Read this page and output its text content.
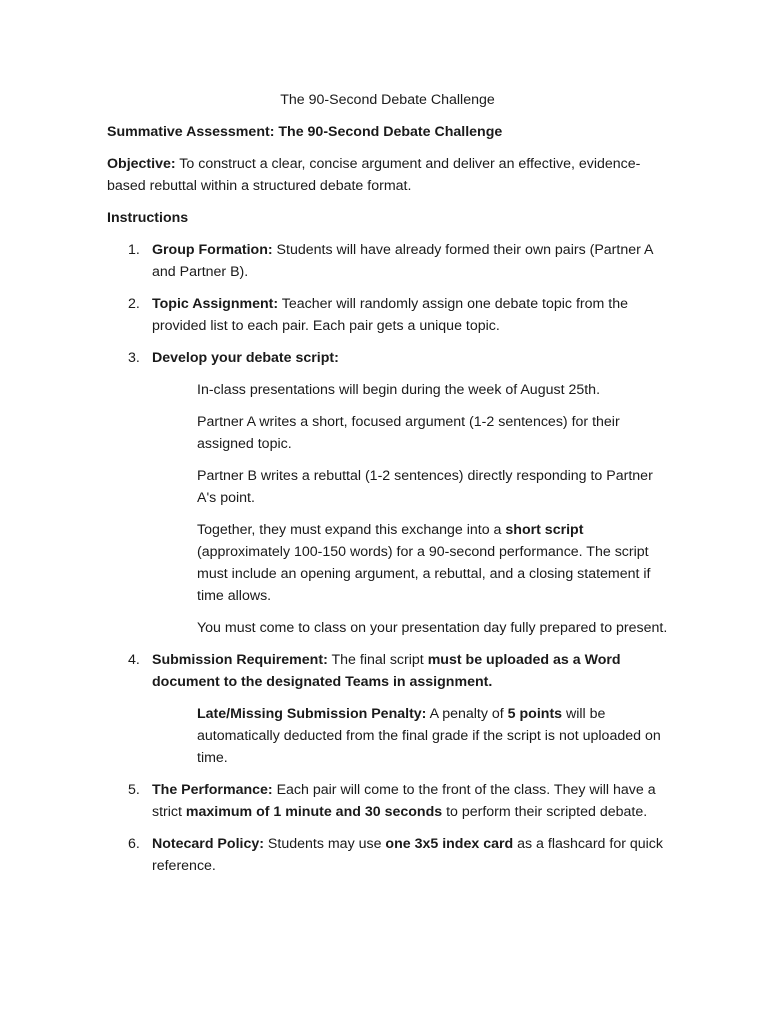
The 90-Second Debate Challenge

Summative Assessment: The 90-Second Debate Challenge

Objective: To construct a clear, concise argument and deliver an effective, evidence-based rebuttal within a structured debate format.

Instructions

1. Group Formation: Students will have already formed their own pairs (Partner A and Partner B).
2. Topic Assignment: Teacher will randomly assign one debate topic from the provided list to each pair. Each pair gets a unique topic.
3. Develop your debate script:

In-class presentations will begin during the week of August 25th.

Partner A writes a short, focused argument (1-2 sentences) for their assigned topic.

Partner B writes a rebuttal (1-2 sentences) directly responding to Partner A's point.

Together, they must expand this exchange into a short script (approximately 100-150 words) for a 90-second performance. The script must include an opening argument, a rebuttal, and a closing statement if time allows.

You must come to class on your presentation day fully prepared to present.

4. Submission Requirement: The final script must be uploaded as a Word document to the designated Teams in assignment.

Late/Missing Submission Penalty: A penalty of 5 points will be automatically deducted from the final grade if the script is not uploaded on time.

5. The Performance: Each pair will come to the front of the class. They will have a strict maximum of 1 minute and 30 seconds to perform their scripted debate.
6. Notecard Policy: Students may use one 3x5 index card as a flashcard for quick reference.
